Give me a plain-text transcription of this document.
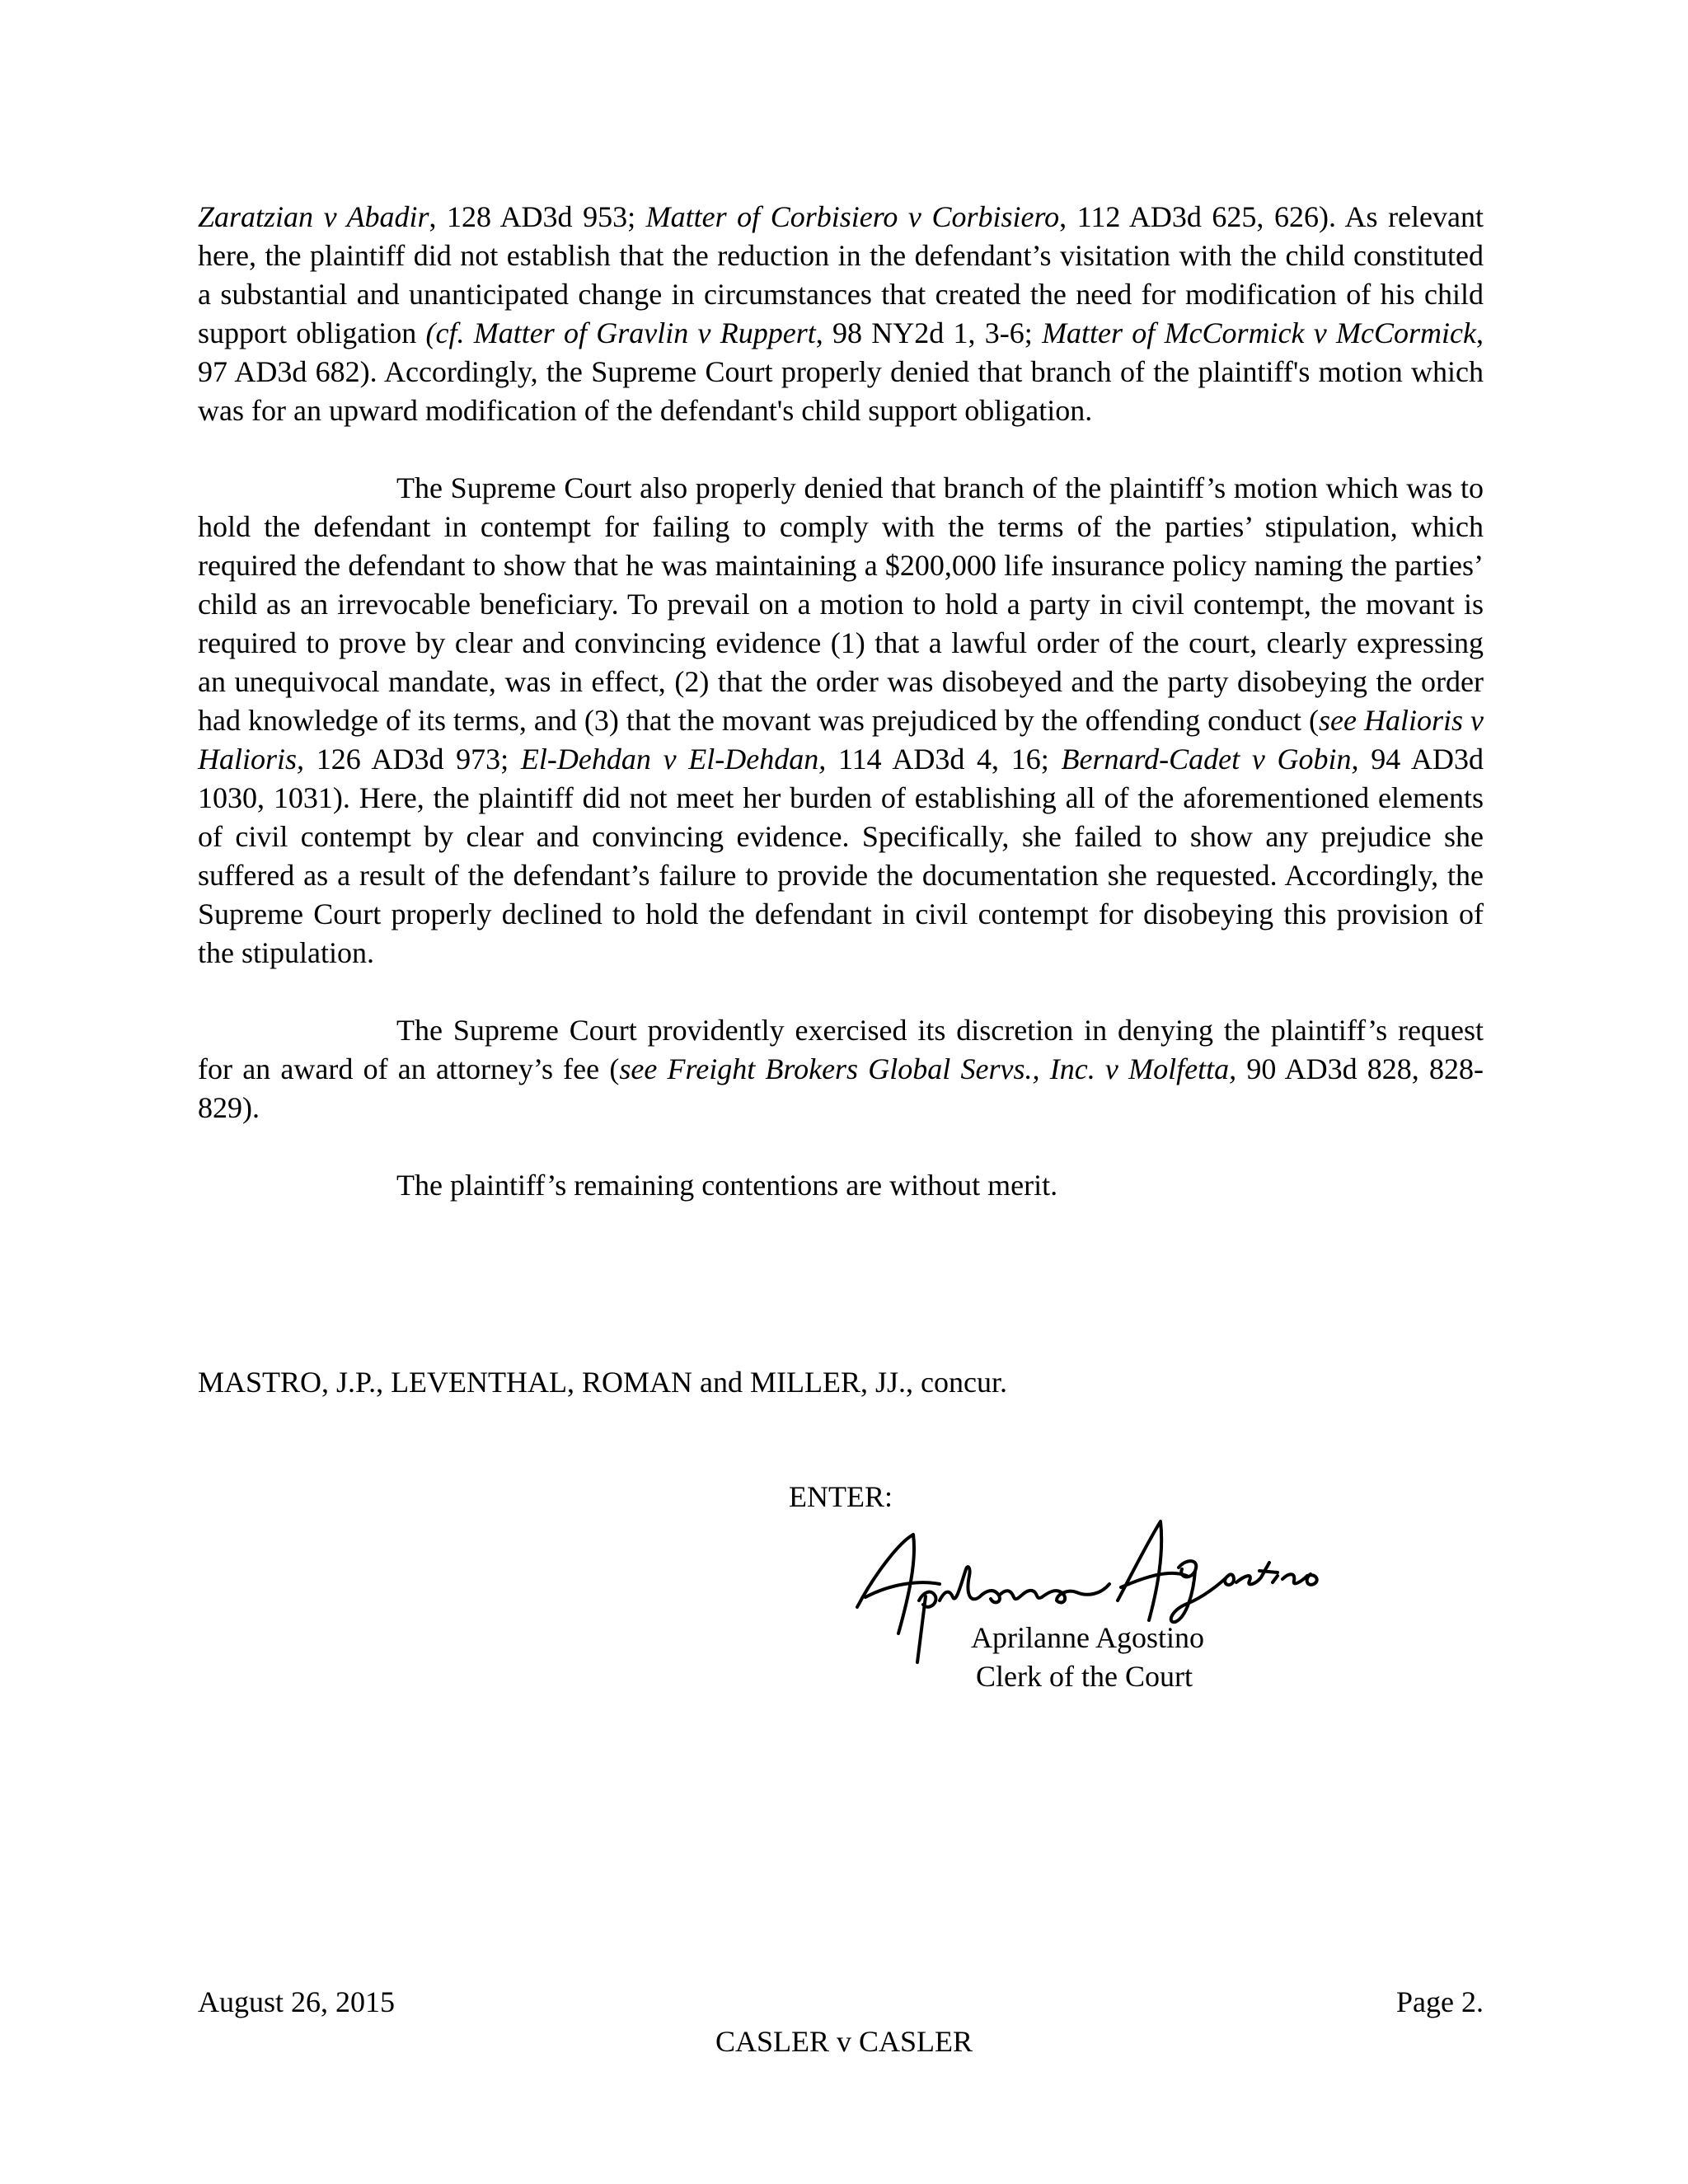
Zaratzian v Abadir, 128 AD3d 953; Matter of Corbisiero v Corbisiero, 112 AD3d 625, 626). As relevant here, the plaintiff did not establish that the reduction in the defendant’s visitation with the child constituted a substantial and unanticipated change in circumstances that created the need for modification of his child support obligation (cf. Matter of Gravlin v Ruppert, 98 NY2d 1, 3-6; Matter of McCormick v McCormick, 97 AD3d 682). Accordingly, the Supreme Court properly denied that branch of the plaintiff's motion which was for an upward modification of the defendant's child support obligation.

The Supreme Court also properly denied that branch of the plaintiff’s motion which was to hold the defendant in contempt for failing to comply with the terms of the parties’ stipulation, which required the defendant to show that he was maintaining a $200,000 life insurance policy naming the parties’ child as an irrevocable beneficiary. To prevail on a motion to hold a party in civil contempt, the movant is required to prove by clear and convincing evidence (1) that a lawful order of the court, clearly expressing an unequivocal mandate, was in effect, (2) that the order was disobeyed and the party disobeying the order had knowledge of its terms, and (3) that the movant was prejudiced by the offending conduct (see Halioris v Halioris, 126 AD3d 973; El-Dehdan v El-Dehdan, 114 AD3d 4, 16; Bernard-Cadet v Gobin, 94 AD3d 1030, 1031). Here, the plaintiff did not meet her burden of establishing all of the aforementioned elements of civil contempt by clear and convincing evidence. Specifically, she failed to show any prejudice she suffered as a result of the defendant’s failure to provide the documentation she requested. Accordingly, the Supreme Court properly declined to hold the defendant in civil contempt for disobeying this provision of the stipulation.

The Supreme Court providently exercised its discretion in denying the plaintiff’s request for an award of an attorney’s fee (see Freight Brokers Global Servs., Inc. v Molfetta, 90 AD3d 828, 828-829).

The plaintiff’s remaining contentions are without merit.

MASTRO, J.P., LEVENTHAL, ROMAN and MILLER, JJ., concur.
ENTER:
Aprilanne Agostino
Clerk of the Court
August 26, 2015	Page 2.
CASLER v CASLER
